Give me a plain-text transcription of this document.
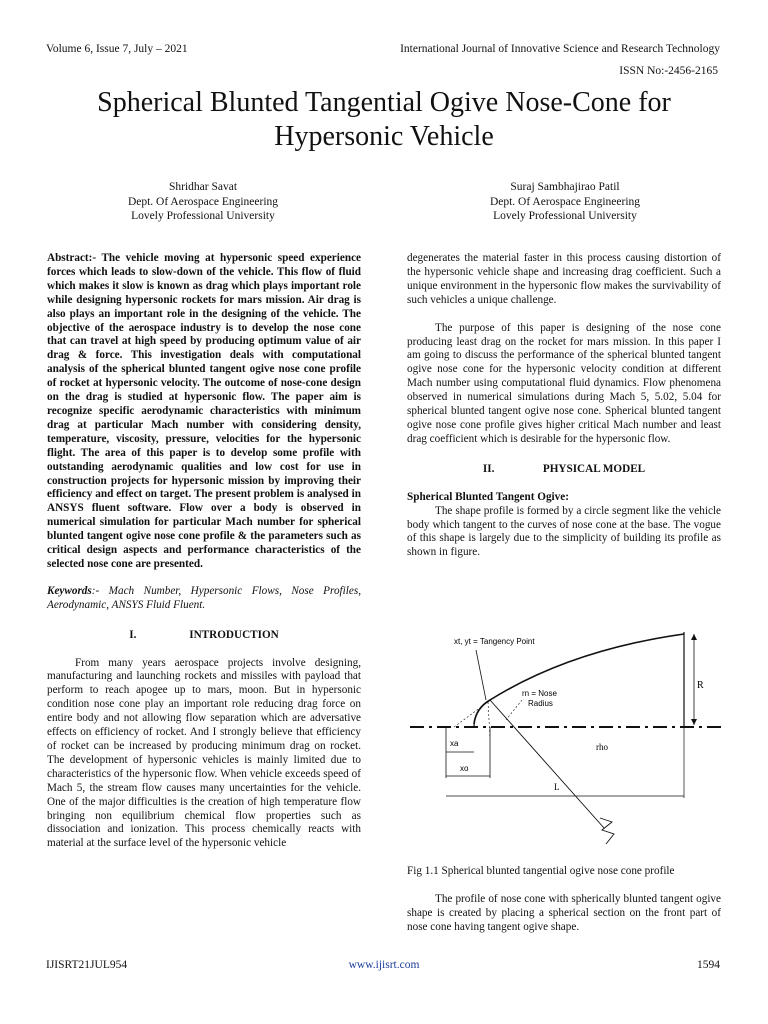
Volume 6, Issue 7, July – 2021	International Journal of Innovative Science and Research Technology
ISSN No:-2456-2165
Spherical Blunted Tangential Ogive Nose-Cone for
Hypersonic Vehicle
Shridhar Savat
Dept. Of Aerospace Engineering
Lovely Professional University
Suraj Sambhajirao Patil
Dept. Of Aerospace Engineering
Lovely Professional University

Abstract:- The vehicle moving at hypersonic speed experience forces which leads to slow-down of the vehicle. This flow of fluid which makes it slow is known as drag which plays important role while designing hypersonic rockets for mars mission. Air drag is also plays an important role in the designing of the vehicle. The objective of the aerospace industry is to develop the nose cone that can travel at high speed by producing optimum value of air drag & force. This investigation deals with computational analysis of the spherical blunted tangent ogive nose cone profile of rocket at hypersonic velocity. The outcome of nose-cone design on the drag is studied at hypersonic flow. The paper aim is recognize specific aerodynamic characteristics with minimum drag at particular Mach number with considering density, temperature, viscosity, pressure, velocities for the hypersonic flight. The area of this paper is to develop some profile with outstanding aerodynamic qualities and low cost for use in construction projects for hypersonic mission by improving their efficiency and effect on target. The present problem is analysed in ANSYS fluent software. Flow over a body is observed in numerical simulation for particular Mach number for spherical blunted tangent ogive nose cone profile & the parameters such as critical design aspects and performance characteristics of the selected nose cone are presented.

Keywords:- Mach Number, Hypersonic Flows, Nose Profiles, Aerodynamic, ANSYS Fluid Fluent.

I.	INTRODUCTION

From many years aerospace projects involve designing, manufacturing and launching rockets and missiles with payload that perform to reach apogee up to mars, moon. But in hypersonic condition nose cone play an important role reducing drag force on entire body and not allowing flow separation which are adversative effects on efficiency of rocket. And I strongly believe that efficiency of rocket can be increased by producing minimum drag on rocket. The development of hypersonic vehicles is mainly limited due to characteristics of the hypersonic flow. When vehicle exceeds speed of Mach 5, the stream flow causes many uncertainties for the vehicle. One of the major difficulties is the creation of high temperature flow bringing non equilibrium chemical flow properties such as dissociation and ionization. This process chemically reacts with material at the surface level of the hypersonic vehicle

degenerates the material faster in this process causing distortion of the hypersonic vehicle shape and increasing drag coefficient. Such a unique environment in the hypersonic flow makes the survivability of such vehicles a unique challenge.

The purpose of this paper is designing of the nose cone producing least drag on the rocket for mars mission. In this paper I am going to discuss the performance of the spherical blunted tangent ogive nose cone for the hypersonic velocity condition at different Mach number using computational fluid dynamics. Flow phenomena observed in numerical simulations during Mach 5, 5.02, 5.04 for spherical blunted tangent ogive nose cone. Spherical blunted tangent ogive nose cone profile gives higher critical Mach number and least drag coefficient which is desirable for the hypersonic flow.

II.	PHYSICAL MODEL

Spherical Blunted Tangent Ogive:

The shape profile is formed by a circle segment like the vehicle body which tangent to the curves of nose cone at the base. The vogue of this shape is largely due to the simplicity of building its profile as shown in figure.

R
xt, yt = Tangency Point
rn = Nose
Radius
rho
xa
xo
L
Fig 1.1 Spherical blunted tangential ogive nose cone profile

The profile of nose cone with spherically blunted tangent ogive shape is created by placing a spherical section on the front part of nose cone having tangent ogive shape.

IJISRT21JUL954	www.ijisrt.com	1594
